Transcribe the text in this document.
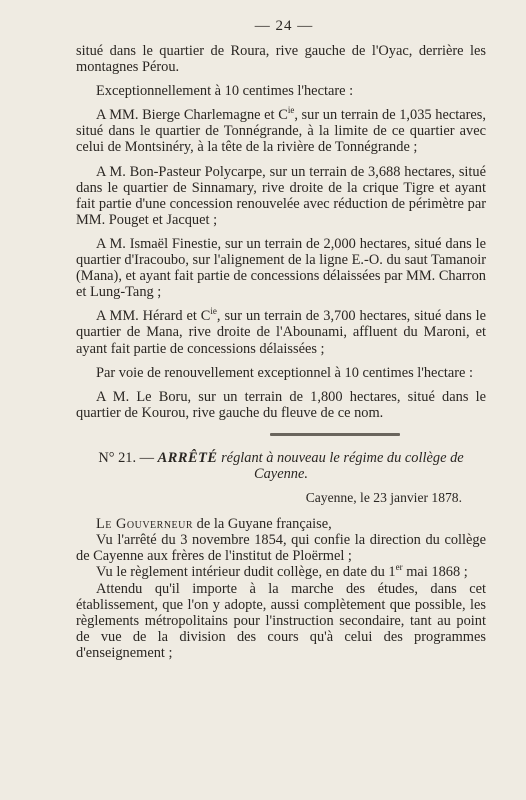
— 24 —

situé dans le quartier de Roura, rive gauche de l'Oyac, derrière les montagnes Pérou.

Exceptionnellement à 10 centimes l'hectare :

A MM. Bierge Charlemagne et $C^{ie}$, sur un terrain de 1,035 hectares, situé dans le quartier de Tonnégrande, à la limite de ce quartier avec celui de Montsinéry, à la tête de la rivière de Tonnégrande ;

A M. Bon-Pasteur Polycarpe, sur un terrain de 3,688 hectares, situé dans le quartier de Sinnamary, rive droite de la crique Tigre et ayant fait partie d'une concession renouvelée avec réduction de périmètre par MM. Pouget et Jacquet ;

A M. Ismaël Finestie, sur un terrain de 2,000 hectares, situé dans le quartier d'Iracoubo, sur l'alignement de la ligne E.-O. du saut Tamanoir (Mana), et ayant fait partie de concessions délaissées par MM. Charron et Lung-Tang ;

A MM. Hérard et $C^{ie}$, sur un terrain de 3,700 hectares, situé dans le quartier de Mana, rive droite de l'Abounami, affluent du Maroni, et ayant fait partie de concessions délaissées ;

Par voie de renouvellement exceptionnel à 10 centimes l'hectare :

A M. Le Boru, sur un terrain de 1,800 hectares, situé dans le quartier de Kourou, rive gauche du fleuve de ce nom.

N° 21. — ARRÊTÉ réglant à nouveau le régime du collège de Cayenne.

Cayenne, le 23 janvier 1878.

Le Gouverneur de la Guyane française,

Vu l'arrêté du 3 novembre 1854, qui confie la direction du collège de Cayenne aux frères de l'institut de Ploërmel ;

Vu le règlement intérieur dudit collège, en date du 1er mai 1868 ;

Attendu qu'il importe à la marche des études, dans cet établissement, que l'on y adopte, aussi complètement que possible, les règlements métropolitains pour l'instruction secondaire, tant au point de vue de la division des cours qu'à celui des programmes d'enseignement ;
